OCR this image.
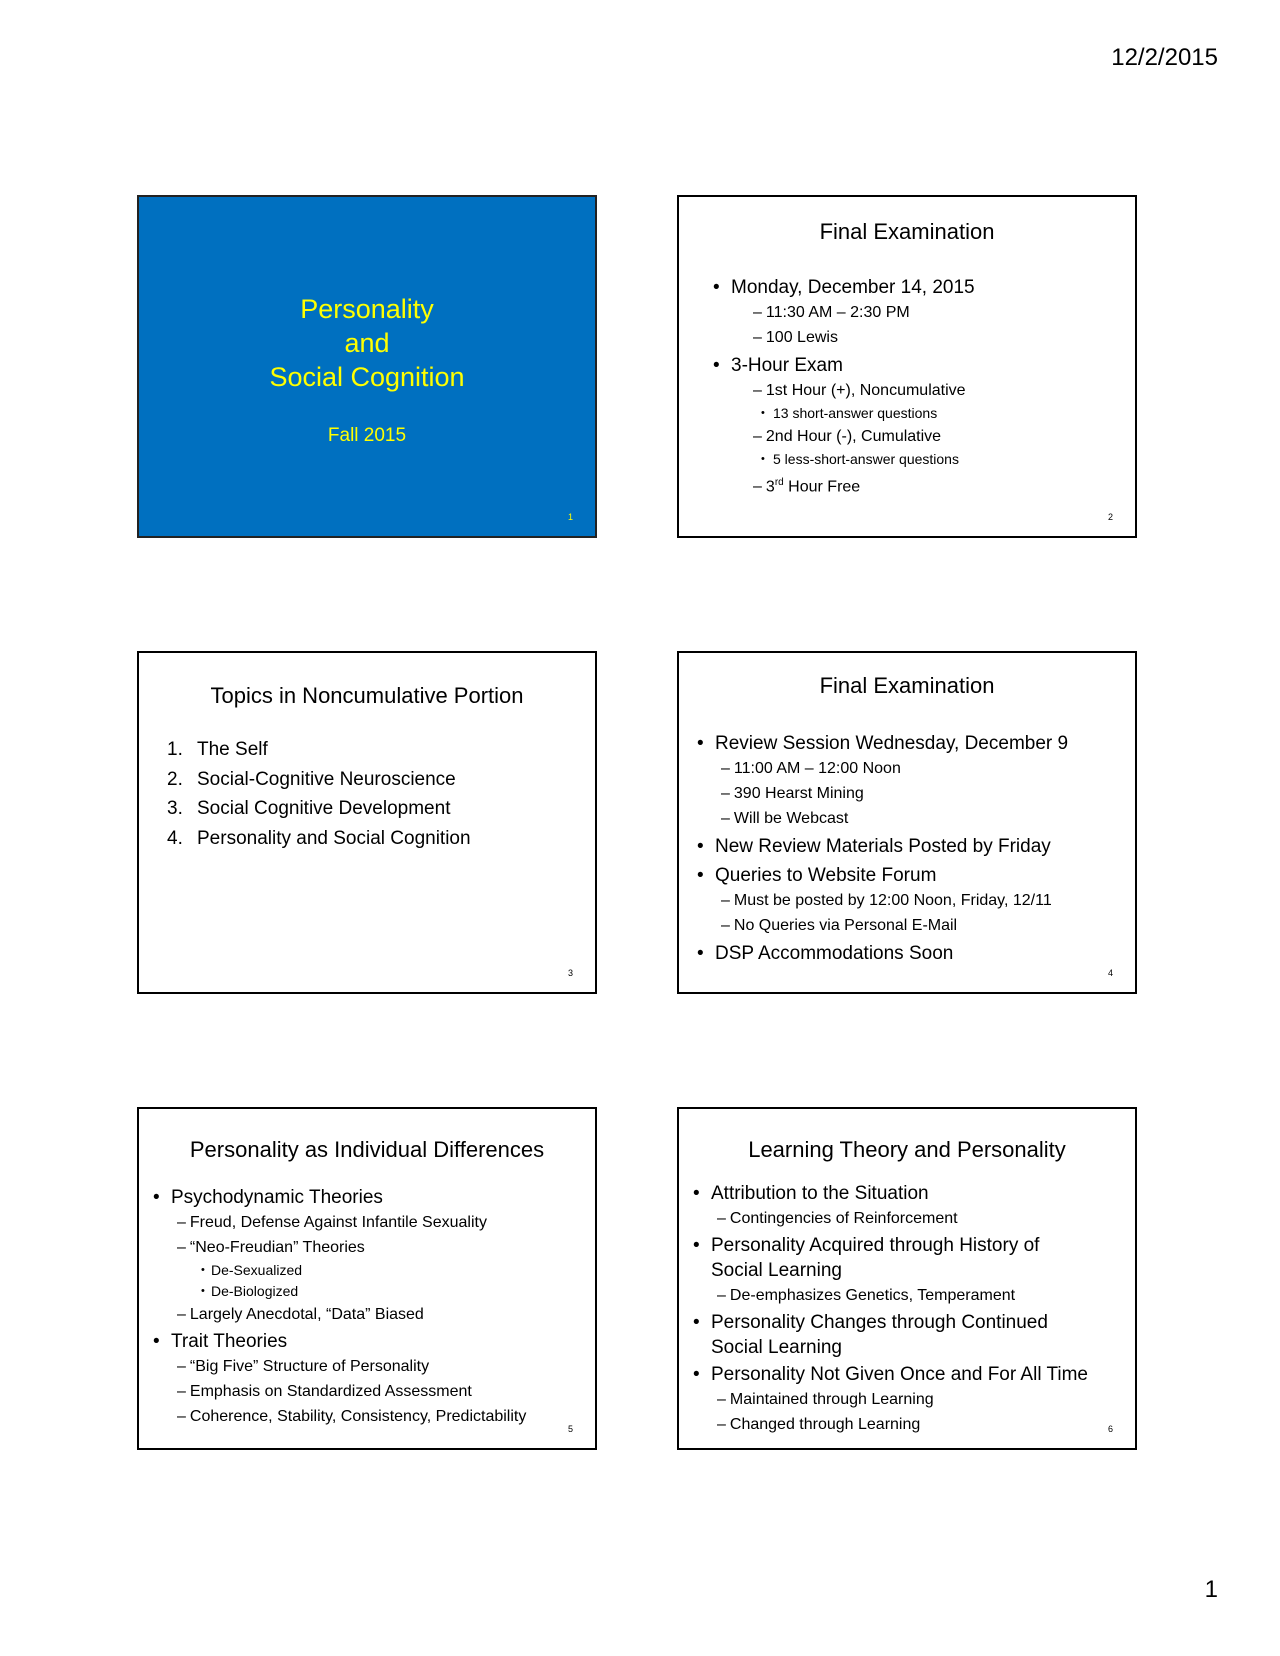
12/2/2015
Personality
and
Social Cognition
Fall 2015
1
Final Examination

• Monday, December 14, 2015

– 11:30 AM – 2:30 PM

– 100 Lewis

• 3-Hour Exam

– 1st Hour (+), Noncumulative

• 13 short-answer questions

– 2nd Hour (-), Cumulative

• 5 less-short-answer questions

– 3rd Hour Free

2
Topics in Noncumulative Portion
1. The Self
2. Social-Cognitive Neuroscience
3. Social Cognitive Development
4. Personality and Social Cognition
3
Final Examination

• Review Session Wednesday, December 9

– 11:00 AM – 12:00 Noon

– 390 Hearst Mining

– Will be Webcast

• New Review Materials Posted by Friday

• Queries to Website Forum

– Must be posted by 12:00 Noon, Friday, 12/11

– No Queries via Personal E-Mail

• DSP Accommodations Soon

4
Personality as Individual Differences

• Psychodynamic Theories

– Freud, Defense Against Infantile Sexuality

– “Neo-Freudian” Theories

• De-Sexualized

• De-Biologized

– Largely Anecdotal, “Data” Biased

• Trait Theories

– “Big Five” Structure of Personality

– Emphasis on Standardized Assessment

– Coherence, Stability, Consistency, Predictability

5
Learning Theory and Personality

• Attribution to the Situation

– Contingencies of Reinforcement

• Personality Acquired through History of
Social Learning

– De-emphasizes Genetics, Temperament

• Personality Changes through Continued
Social Learning

• Personality Not Given Once and For All Time

– Maintained through Learning

– Changed through Learning	6
1
